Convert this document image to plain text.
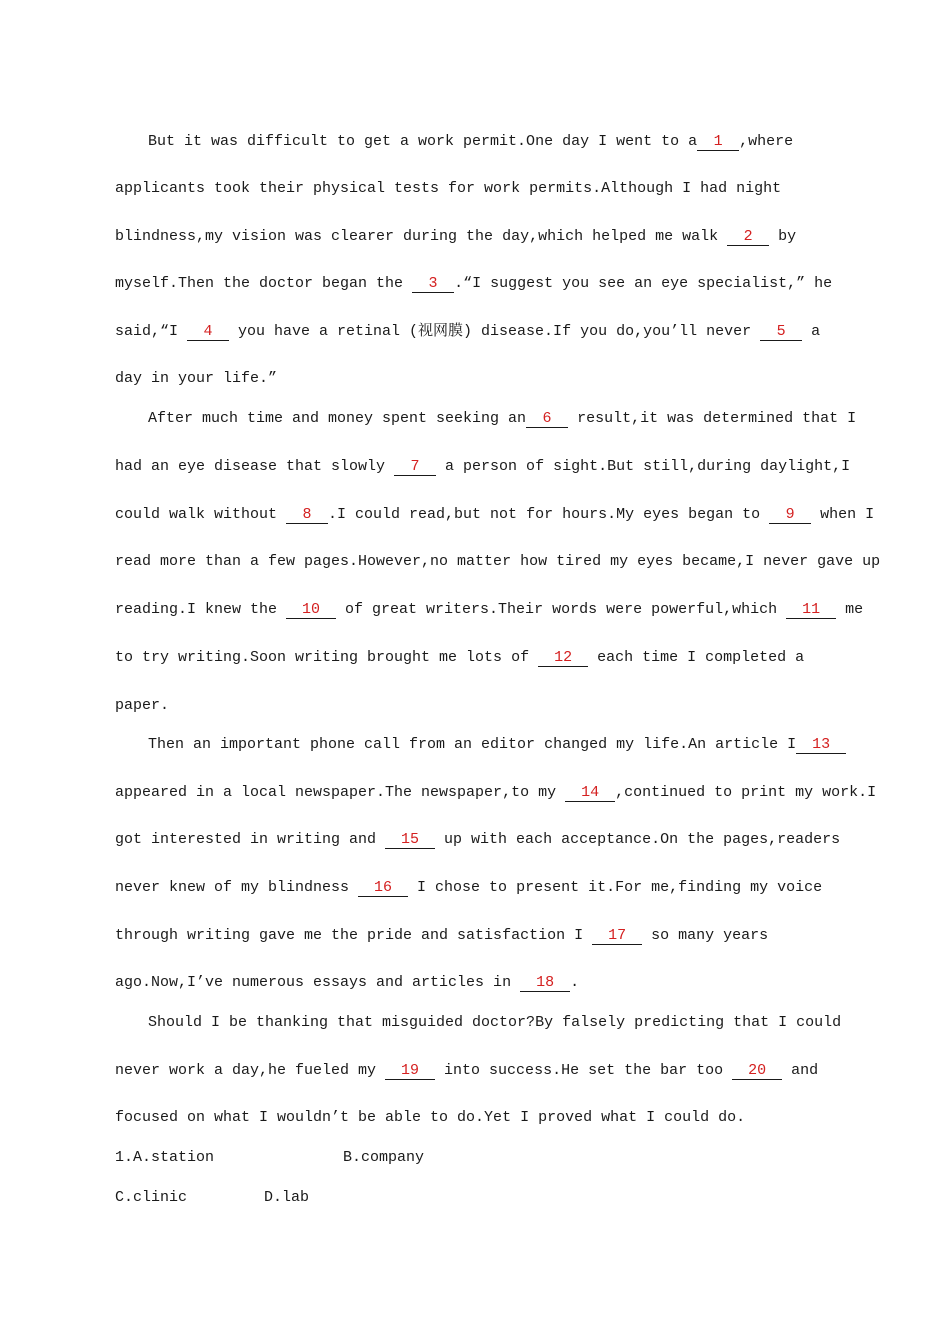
But it was difficult to get a work permit.One day I went to a 1 ,where
applicants took their physical tests for work permits.Although I had night
blindness,my vision was clearer during the day,which helped me walk 2 by
myself.Then the doctor began the 3 .“I suggest you see an eye specialist,” he
said,“I 4 you have a retinal (视网膜) disease.If you do,you’ll never 5 a
day in your life.”
After much time and money spent seeking an 6 result,it was determined that I
had an eye disease that slowly 7 a person of sight.But still,during daylight,I
could walk without 8 .I could read,but not for hours.My eyes began to 9 when I
read more than a few pages.However,no matter how tired my eyes became,I never gave up
reading.I knew the 10 of great writers.Their words were powerful,which 11 me
to try writing.Soon writing brought me lots of 12 each time I completed a
paper.
Then an important phone call from an editor changed my life.An article I 13
appeared in a local newspaper.The newspaper,to my 14 ,continued to print my work.I
got interested in writing and 15 up with each acceptance.On the pages,readers
never knew of my blindness 16 I chose to present it.For me,finding my voice
through writing gave me the pride and satisfaction I 17 so many years
ago.Now,I’ve numerous essays and articles in 18 .
Should I be thanking that misguided doctor?By falsely predicting that I could
never work a day,he fueled my 19 into success.He set the bar too 20 and
focused on what I wouldn’t be able to do.Yet I proved what I could do.
1.A.station	B.company
C.clinic	D.lab
